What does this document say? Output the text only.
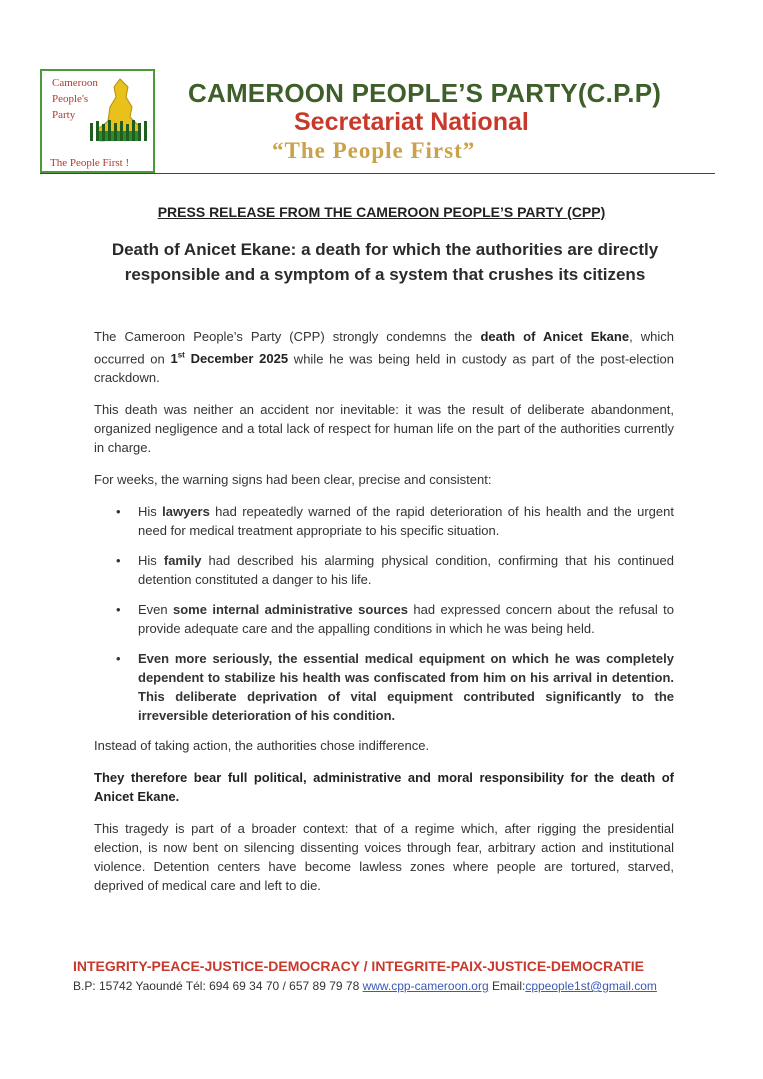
Cameroon
People's
Party
The People First !
CAMEROON PEOPLE’S PARTY(C.P.P)
Secretariat National
“The People First”
PRESS RELEASE FROM THE CAMEROON PEOPLE’S PARTY (CPP)
Death of Anicet Ekane: a death for which the authorities are directly
responsible and a symptom of a system that crushes its citizens

The Cameroon People’s Party (CPP) strongly condemns the death of Anicet Ekane, which occurred on 1st December 2025 while he was being held in custody as part of the post-election crackdown.

This death was neither an accident nor inevitable: it was the result of deliberate abandonment, organized negligence and a total lack of respect for human life on the part of the authorities currently in charge.

For weeks, the warning signs had been clear, precise and consistent:

• His lawyers had repeatedly warned of the rapid deterioration of his health and the urgent need for medical treatment appropriate to his specific situation.
• His family had described his alarming physical condition, confirming that his continued detention constituted a danger to his life.
• Even some internal administrative sources had expressed concern about the refusal to provide adequate care and the appalling conditions in which he was being held.
• Even more seriously, the essential medical equipment on which he was completely dependent to stabilize his health was confiscated from him on his arrival in detention. This deliberate deprivation of vital equipment contributed significantly to the irreversible deterioration of his condition.

Instead of taking action, the authorities chose indifference.

They therefore bear full political, administrative and moral responsibility for the death of Anicet Ekane.

This tragedy is part of a broader context: that of a regime which, after rigging the presidential election, is now bent on silencing dissenting voices through fear, arbitrary action and institutional violence. Detention centers have become lawless zones where people are tortured, starved, deprived of medical care and left to die.

INTEGRITY-PEACE-JUSTICE-DEMOCRACY / INTEGRITE-PAIX-JUSTICE-DEMOCRATIE
B.P: 15742 Yaoundé Tél: 694 69 34 70 / 657 89 79 78 www.cpp-cameroon.org Email:cppeople1st@gmail.com
